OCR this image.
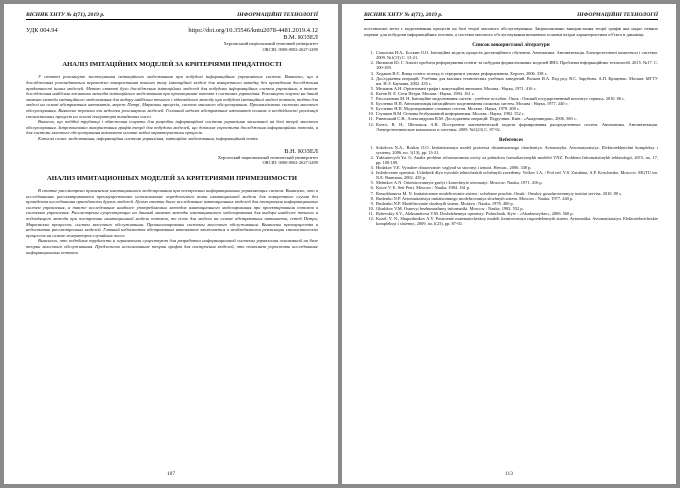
ВІСНИК ХНТУ № 4(71), 2019 р.	ІНФОРМАЦІЙНІ ТЕХНОЛОГІЇ
УДК 004.94	https://doi.org/10.35546/kntu2078-4481.2019.4.12
В.М. КОЗЕЛ
Херсонський національний технічний університет
ORCID: 0000-0002-2627-2499
АНАЛІЗ ІМІТАЦІЙНИХ МОДЕЛЕЙ ЗА КРИТЕРІЯМИ ПРИДАТНОСТІ

У статті розглянуто застосування імітаційного моделювання при побудові інформаційних управляючих систем. Виявлено, що в дослідженнях розглядаються переважно використання певного типу імітаційної моделі для конкретного випадку без проведення дослідження придатності інших моделей. Метою статті було дослідження імітаційних моделей для побудови інформаційних систем управління, а також дослідження найбільш вживаних методів імітаційного моделювання при проектуванні потоків з системах управління. Розглянуто існуючі на даний момент методи імітаційного моделювання для вибору найбільш точного і відповідного методу при побудові імітаційної моделі потоків, тобто для моделі на основі абстрактних автоматів, мереж Петрі, Маркових процесів, систем масового обслуговування. Проаналізовано системи масового обслуговування. Виявлено переваги та недоліки розглянутих моделей. Головний недолік абстрактних автоматів полягає в необхідності реалізації стохастичних процесів на основі генераторів випадкових чисел.

Вивчено, що подібні труднощі і обмеження існують для розробки інформаційної системи управління заснованої на базі теорії масового обслуговування. Запропоновано використання графів теорії для побудови моделей, що дозволяє спростити дослідження інформаційних потоків, а для системи масового обслуговування визначити основні вхідні характеристики процесів.

Ключові слова: моделювання, інформаційна система управління, імітаційне моделювання, інформаційний потік.

В.Н. КОЗЕЛ
Херсонский национальный технический университет
ORCID: 0000-0002-2627-2499
АНАЛИЗ ИМИТАЦИОННЫХ МОДЕЛЕЙ ЗА КРИТЕРИЯМИ ПРИМЕНИМОСТИ

В статье рассмотрено применение имитационного моделирования при построении информационных управляющих систем. Выявлено, что в исследованиях рассматриваются преимущественно использование определенного типа имитационной модели для конкретного случая без проведения исследования пригодности других моделей. Целью статьи было исследование имитационных моделей для построения информационных систем управления, а также исследование наиболее употребляемых методов имитационного моделирования при проектировании потоков в системах управления. Рассмотрены существующие на данный момент методы имитационного моделирования для выбора наиболее точного и подходящего метода при построении имитационной модели потоков, то есть для модели на основе абстрактных автоматов, сетей Петри, Марковских процессов, систем массового обслуживания. Проанализированы системы массового обслуживания. Выявлены преимущества и недостатки рассмотренных моделей. Главный недостаток абстрактных автоматов заключается в необходимости реализации стохастических процессов на основе генераторов случайных чисел.

Выяснено, что подобные трудности и ограничения существуют для разработки информационной системы управления основанной на базе теории массового обслуживания. Предложено использование теории графов для построения моделей, что позволяет упростить исследование информационных потоков.

107
ВІСНИК ХНТУ № 4(71), 2019 р.	ІНФОРМАЦІЙНІ ТЕХНОЛОГІЇ

поставленої мети є моделювання процесів на базі теорії масового обслуговування. Запропоновано використання теорії графів яка надає певних переваг для побудови інформаційних потоків, а системи масового обслуговування визначено основні вхідні характеристики об'єкта в динаміці.

Список використаної літератури
1. Соколова Н.А., Боскин О.О. Імітаційна модель процесів дистанційного обучення. Автоматика. Автоматизація. Електротехнічні комплекси і системи. 2009. №1(13) С. 13-21.
2. Яксюкин Ю. Г. Аналіз проблем реформування освіти: за побудова формалізованих моделей ВНЗ. Проблеми інформаційних технологій. 2015. №17. С. 100-109.
3. Ходаков В.Є. Вища освіта: погляд із середини в умовах реформування. Херсон, 2006. 338 с.
4. Дослідження операцій: Учебник для высших технических учебных заведений. Волков И.А. Под ред. В.С. Зарубина, А.П. Кріщенко. Москва: МГТУ им. Н.Э. Баумана, 2002. 435 с.
5. Мельник А.Н. Орієнтовані графи і комутаційні автомати. Москва : Наука, 1971. 416 с.
6. Котов В. Е. Сети Петри. Москва : Наука, 1984. 161 с.
7. Рассоханова М. Н. Імітаційне моделювання систем : учебное пособие. Омск : Омский государственный институт сервиса, 2010. 80 с.
8. Бусленко Н.П. Автоматизація імітаційного моделювання сложных систем. Москва : Наука, 1977. 240 с.
9. Бусленко Н.П. Моделирование сложных систем. Москва : Наука, 1978. 400 с.
10. Глушков В.М. Основы безбумажной информатики. Москва : Наука, 1982. 552 с.
11. Ржевський С.В., Александрова В.М. Дослідження операцій: Підручник. Київ : «Академвидав», 2006. 560 с.
12. Козел, В. Н., Шепошок А.В. Построение математической модели формирования распределенных систем. Автоматика. Автоматизация. Электротехнические комплексы и системы. 2009. №1(23) С. 87-92.
References
1. Sokolova N.A., Boskin O.O. Imitatsionnaya model protsessa distantsionnogo obucheniya. Avtomatyka. Avtomatyzatsiya. Elektrotekhnichni kompleksy i systemy, 2006, no. 1(13), pp. 13-21.
2. Yaksiuievych Yu. G. Analiz problem reformuvannia osvity za pobudova formalizovanykh modelei VNZ. Problemi Informatsiinykh tekhnologii, 2015, no. 17, pp. 100-109.
3. Hodakov V.E. Vyisshee obrazovanie: vzglyad so storonyi i iznutri. Herson., 2006. 338 p.
4. Issledovanie operatsii: Uchebnik dlya vyisshih tehnicheskih uchebnyih zavedeniy. Volkov I.A. / Pod red. V.S. Zarubina, A.P. Krischenko. Moscow: MGTU im. N.E. Baumana, 2002. 435 p.
5. Melnikov A.N. Orientirovannyie grafyi i konechnyie avtomatyi. Moscow: Nauka, 1971. 416 p.
6. Kotov V. E. Seti Petri. Moscow : Nauka, 1984. 161 p.
7. Rassokhanova M. N. Imitatsionnoe modelirovanie sistem : uchebnoe posobie. Omsk : Omskiy gosudarstvennyiy institut servisa, 2010. 80 s.
8. Buslenko N.P. Avtomatizatsiya imitatsionnogo modelirovaniya slozhnyih sistem. Moscow : Nauka, 1977. 240 p.
9. Buslenko N.P. Modelirovanie slozhnyih sistem. Moskva : Nauka, 1978. 400 p.
10. Glushkov V.M. Osnovyi bezbumazhnoy informatiki. Moscow : Nauka, 1982. 552 p.
11. Rzhevskiy S.V., Aleksandrova V.M. Doslidzhennya operatsiy: Pidruchnik. Kyiv : «Akademvydav», 2006. 560 p.
12. Kozel, V. N., Shaposhnikov A.V. Postroenie matematicheskoy modeli formirovaniya raspredelennyih sistem. Avtomatika. Avtomatizatsiya. Elektrotehnicheskie kompleksyi i sistemyi, 2009, no.1(23), pp. 87-92.
113
